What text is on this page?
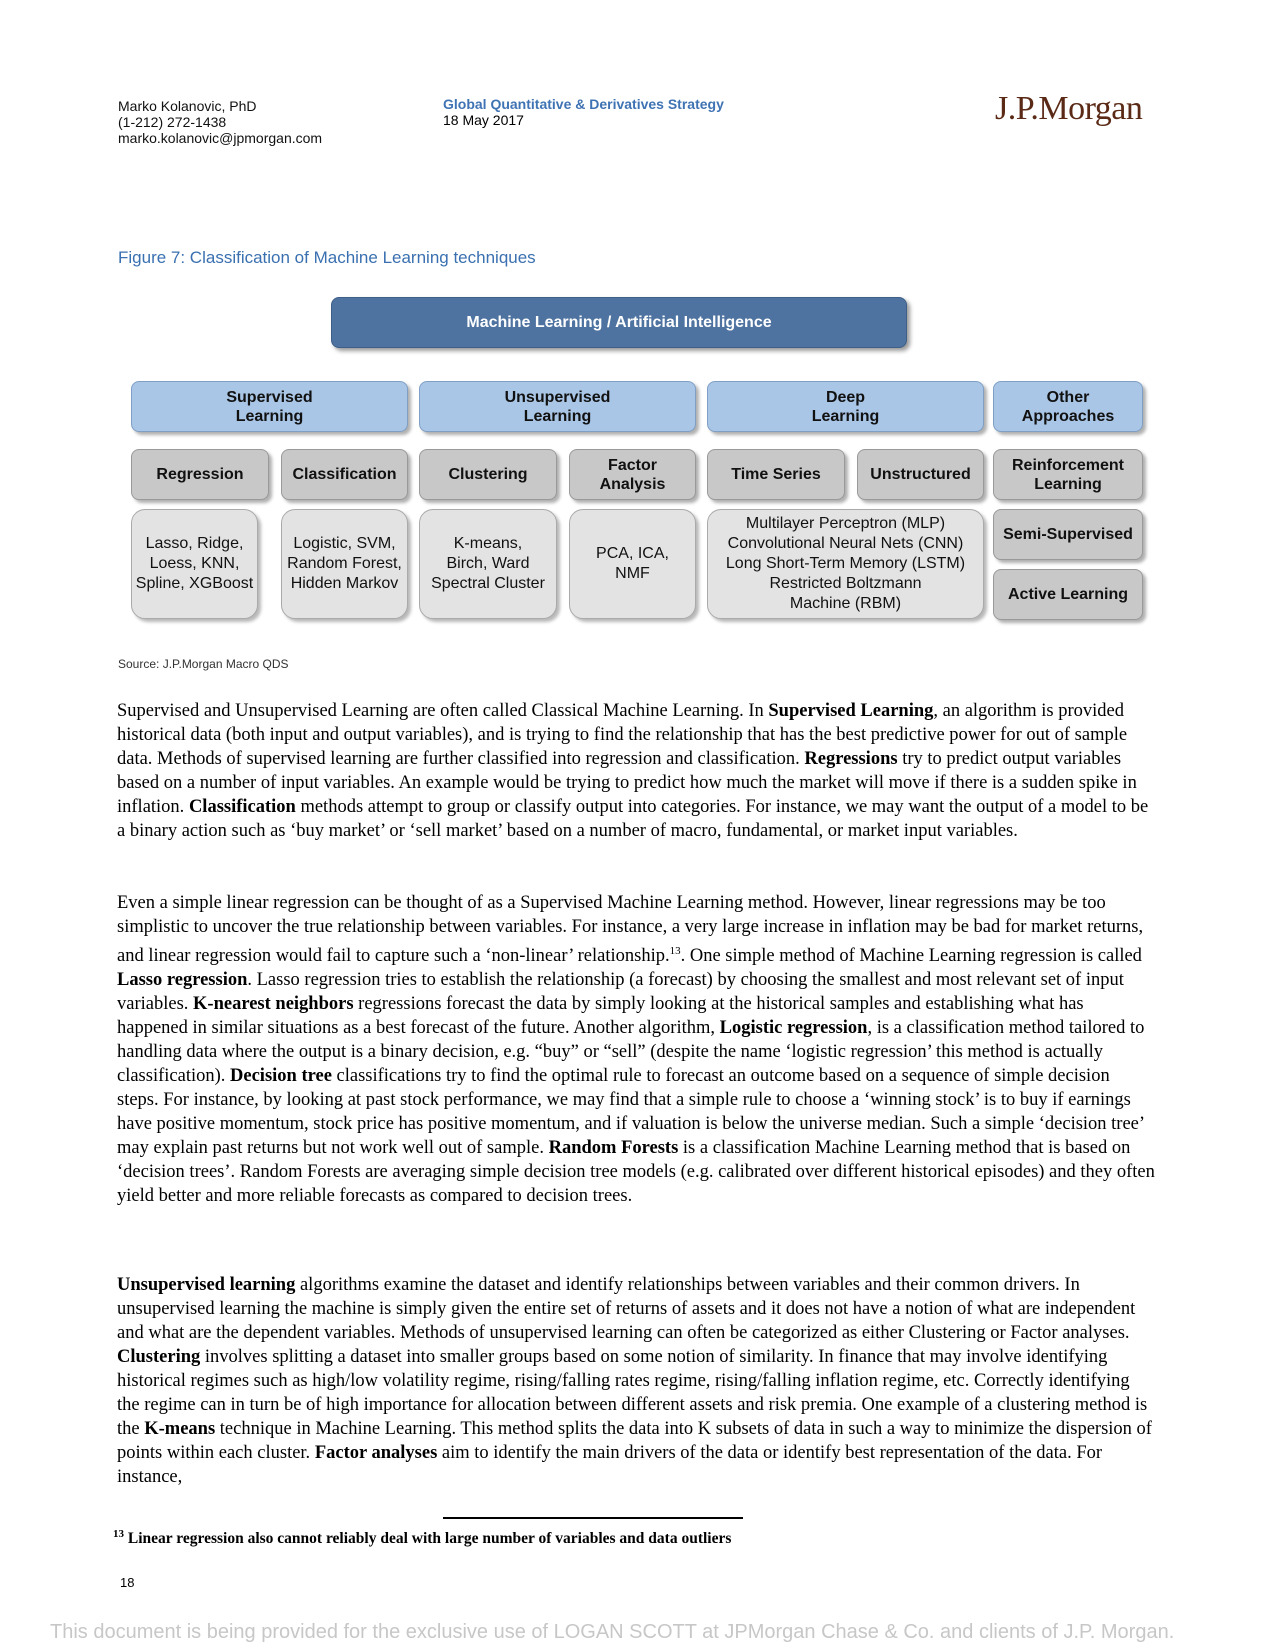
Marko Kolanovic, PhD
(1-212) 272-1438
marko.kolanovic@jpmorgan.com
Global Quantitative & Derivatives Strategy
18 May 2017	J.P.Morgan
Figure 7: Classification of Machine Learning techniques
Machine Learning / Artificial Intelligence
Supervised
Learning
Unsupervised
Learning
Deep
Learning
Other
Approaches
Regression	Classification	Clustering
Factor
Analysis
Time Series	Unstructured
Reinforcement
Learning
Lasso, Ridge,
Loess, KNN,
Spline, XGBoost
Logistic, SVM,
Random Forest,
Hidden Markov
K-means,
Birch, Ward
Spectral Cluster
PCA, ICA,
NMF
Multilayer Perceptron (MLP)
Convolutional Neural Nets (CNN)
Long Short-Term Memory (LSTM)
Restricted Boltzmann
Machine (RBM)
Semi-Supervised
Active Learning
Source: J.P.Morgan Macro QDS

Supervised and Unsupervised Learning are often called Classical Machine Learning. In Supervised Learning, an algorithm is provided historical data (both input and output variables), and is trying to find the relationship that has the best predictive power for out of sample data. Methods of supervised learning are further classified into regression and classification. Regressions try to predict output variables based on a number of input variables. An example would be trying to predict how much the market will move if there is a sudden spike in inflation. Classification methods attempt to group or classify output into categories. For instance, we may want the output of a model to be a binary action such as ‘buy market’ or ‘sell market’ based on a number of macro, fundamental, or market input variables.

Even a simple linear regression can be thought of as a Supervised Machine Learning method. However, linear regressions may be too simplistic to uncover the true relationship between variables. For instance, a very large increase in inflation may be bad for market returns, and linear regression would fail to capture such a ‘non-linear’ relationship.$^{13}$. One simple method of Machine Learning regression is called Lasso regression. Lasso regression tries to establish the relationship (a forecast) by choosing the smallest and most relevant set of input variables. K-nearest neighbors regressions forecast the data by simply looking at the historical samples and establishing what has happened in similar situations as a best forecast of the future. Another algorithm, Logistic regression, is a classification method tailored to handling data where the output is a binary decision, e.g. “buy” or “sell” (despite the name ‘logistic regression’ this method is actually classification). Decision tree classifications try to find the optimal rule to forecast an outcome based on a sequence of simple decision steps. For instance, by looking at past stock performance, we may find that a simple rule to choose a ‘winning stock’ is to buy if earnings have positive momentum, stock price has positive momentum, and if valuation is below the universe median. Such a simple ‘decision tree’ may explain past returns but not work well out of sample. Random Forests is a classification Machine Learning method that is based on ‘decision trees’. Random Forests are averaging simple decision tree models (e.g. calibrated over different historical episodes) and they often yield better and more reliable forecasts as compared to decision trees.

Unsupervised learning algorithms examine the dataset and identify relationships between variables and their common drivers. In unsupervised learning the machine is simply given the entire set of returns of assets and it does not have a notion of what are independent and what are the dependent variables. Methods of unsupervised learning can often be categorized as either Clustering or Factor analyses. Clustering involves splitting a dataset into smaller groups based on some notion of similarity. In finance that may involve identifying historical regimes such as high/low volatility regime, rising/falling rates regime, rising/falling inflation regime, etc. Correctly identifying the regime can in turn be of high importance for allocation between different assets and risk premia. One example of a clustering method is the K-means technique in Machine Learning. This method splits the data into K subsets of data in such a way to minimize the dispersion of points within each cluster. Factor analyses aim to identify the main drivers of the data or identify best representation of the data. For instance,

$^{13}$ Linear regression also cannot reliably deal with large number of variables and data outliers
18
This document is being provided for the exclusive use of LOGAN SCOTT at JPMorgan Chase & Co. and clients of J.P. Morgan.
